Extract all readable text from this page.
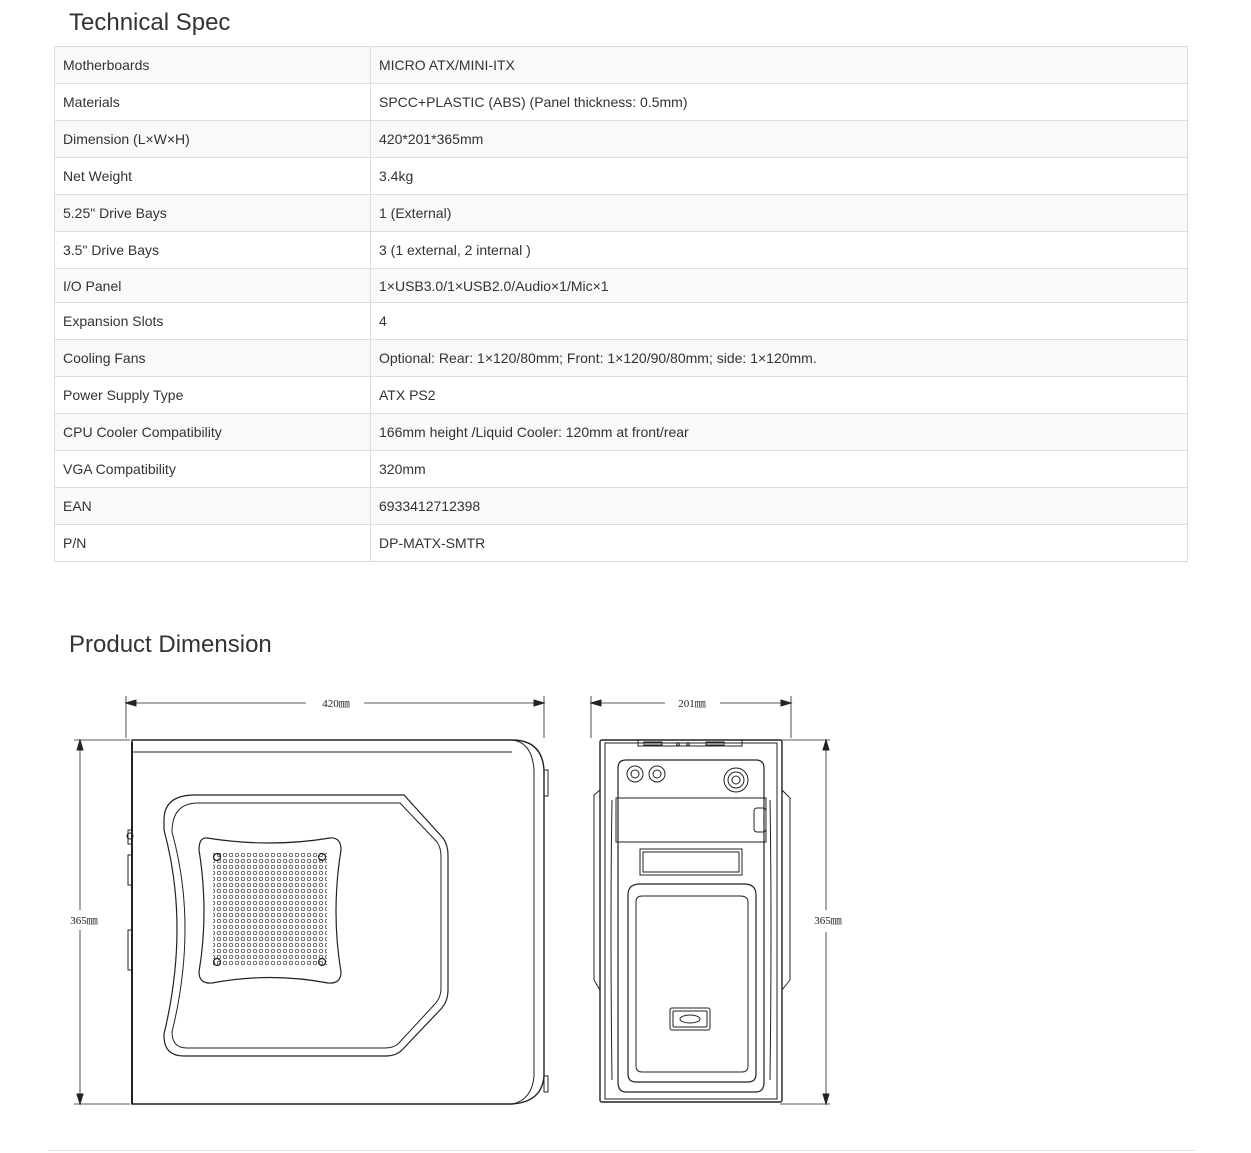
Technical Spec
Motherboards	MICRO ATX/MINI-ITX
Materials	SPCC+PLASTIC (ABS) (Panel thickness: 0.5mm)
Dimension (L×W×H)	420*201*365mm
Net Weight	3.4kg
5.25" Drive Bays	1 (External)
3.5" Drive Bays	3 (1 external, 2 internal )
I/O Panel	1×USB3.0/1×USB2.0/Audio×1/Mic×1
Expansion Slots	4
Cooling Fans	Optional: Rear: 1×120/80mm; Front: 1×120/90/80mm; side: 1×120mm.
Power Supply Type	ATX PS2
CPU Cooler Compatibility	166mm height /Liquid Cooler: 120mm at front/rear
VGA Compatibility	320mm
EAN	6933412712398
P/N	DP-MATX-SMTR
Product Dimension
420㎜
365㎜
201㎜
365㎜
